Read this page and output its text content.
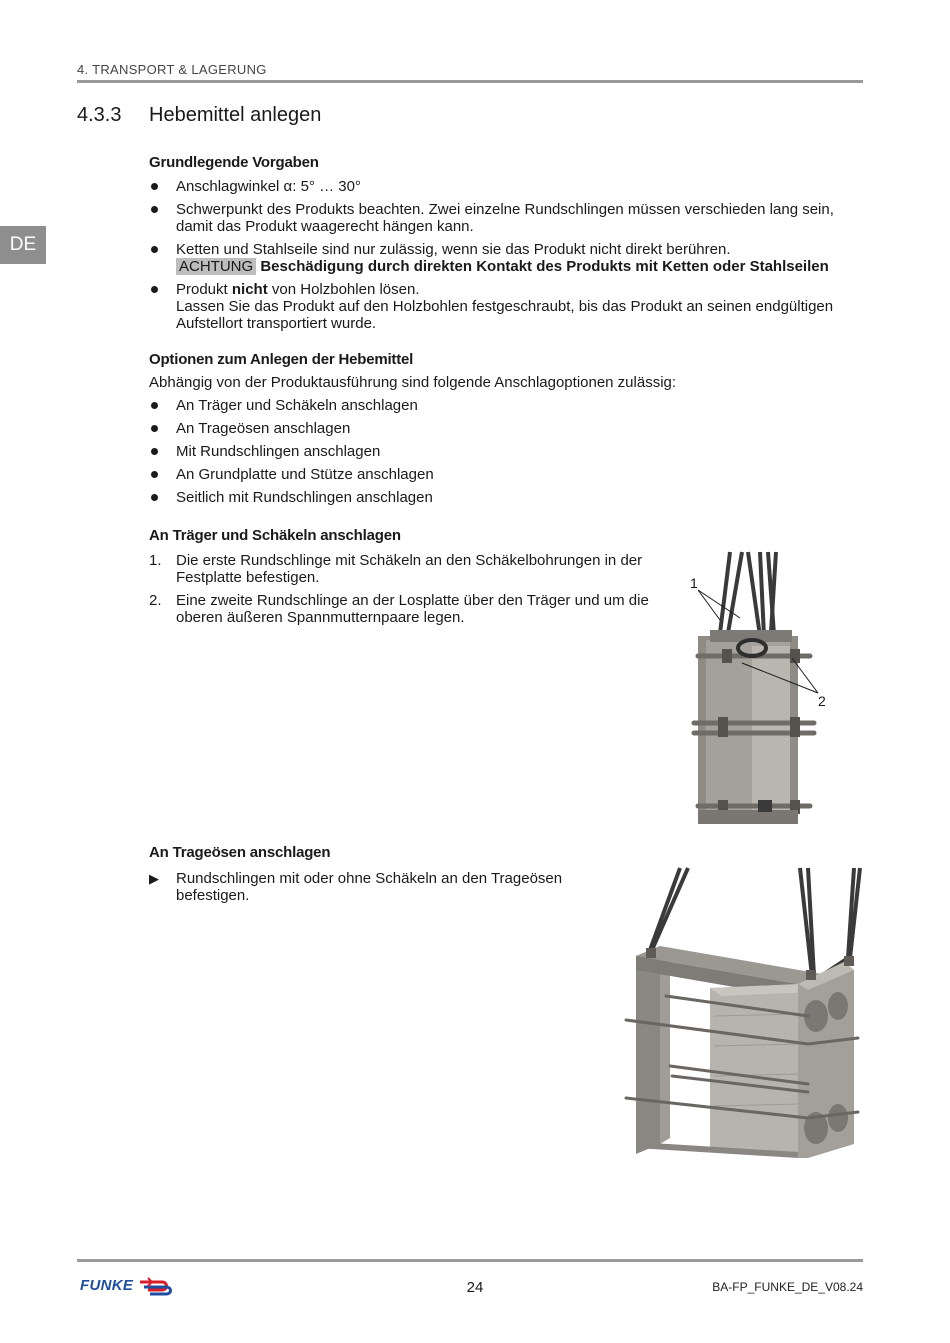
4. TRANSPORT & LAGERUNG
DE
4.3.3 Hebemittel anlegen
Grundlegende Vorgaben
Anschlagwinkel α: 5° … 30°
Schwerpunkt des Produkts beachten. Zwei einzelne Rundschlingen müssen verschieden lang sein,
damit das Produkt waagerecht hängen kann.
Ketten und Stahlseile sind nur zulässig, wenn sie das Produkt nicht direkt berühren.
ACHTUNG Beschädigung durch direkten Kontakt des Produkts mit Ketten oder Stahlseilen
Produkt nicht von Holzbohlen lösen.
Lassen Sie das Produkt auf den Holzbohlen festgeschraubt, bis das Produkt an seinen endgültigen
Aufstellort transportiert wurde.
Optionen zum Anlegen der Hebemittel
Abhängig von der Produktausführung sind folgende Anschlagoptionen zulässig:
An Träger und Schäkeln anschlagen
An Trageösen anschlagen
Mit Rundschlingen anschlagen
An Grundplatte und Stütze anschlagen
Seitlich mit Rundschlingen anschlagen
An Träger und Schäkeln anschlagen
1. Die erste Rundschlinge mit Schäkeln an den Schäkelbohrungen in der
Festplatte befestigen.
2. Eine zweite Rundschlinge an der Losplatte über den Träger und um die
oberen äußeren Spannmutternpaare legen.
1
2
An Trageösen anschlagen
▶	Rundschlingen mit oder ohne Schäkeln an den Trageösen
befestigen.
FUNKE	24	BA-FP_FUNKE_DE_V08.24
